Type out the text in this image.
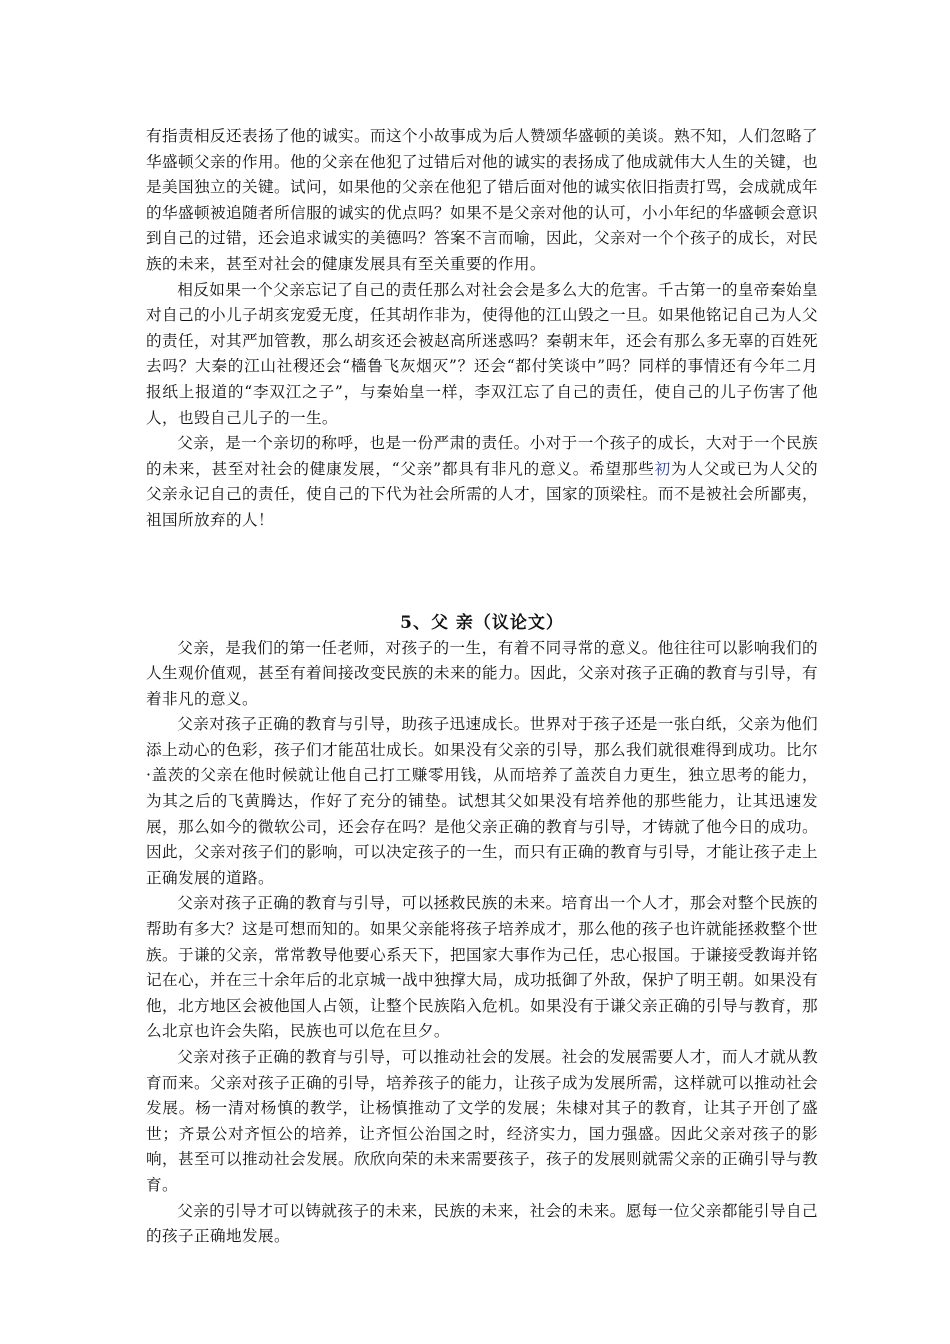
有指责相反还表扬了他的诚实。而这个小故事成为后人赞颂华盛顿的美谈。熟不知，人们忽略了华盛顿父亲的作用。他的父亲在他犯了过错后对他的诚实的表扬成了他成就伟大人生的关键，也是美国独立的关键。试问，如果他的父亲在他犯了错后面对他的诚实依旧指责打骂，会成就成年的华盛顿被追随者所信服的诚实的优点吗？如果不是父亲对他的认可，小小年纪的华盛顿会意识到自己的过错，还会追求诚实的美德吗？答案不言而喻，因此，父亲对一个个孩子的成长，对民族的未来，甚至对社会的健康发展具有至关重要的作用。

相反如果一个父亲忘记了自己的责任那么对社会会是多么大的危害。千古第一的皇帝秦始皇对自己的小儿子胡亥宠爱无度，任其胡作非为，使得他的江山毁之一旦。如果他铭记自己为人父的责任，对其严加管教，那么胡亥还会被赵高所迷惑吗？秦朝末年，还会有那么多无辜的百姓死去吗？大秦的江山社稷还会“檣鲁飞灰烟灭”？还会“都付笑谈中”吗？同样的事情还有今年二月报纸上报道的“李双江之子”，与秦始皇一样，李双江忘了自己的责任，使自己的儿子伤害了他人，也毁自己儿子的一生。

父亲，是一个亲切的称呼，也是一份严肃的责任。小对于一个孩子的成长，大对于一个民族的未来，甚至对社会的健康发展，“父亲”都具有非凡的意义。希望那些初为人父或已为人父的父亲永记自己的责任，使自己的下代为社会所需的人才，国家的顶梁柱。而不是被社会所鄙夷，祖国所放弃的人！

5、父 亲（议论文）

父亲，是我们的第一任老师，对孩子的一生，有着不同寻常的意义。他往往可以影响我们的人生观价值观，甚至有着间接改变民族的未来的能力。因此，父亲对孩子正确的教育与引导，有着非凡的意义。

父亲对孩子正确的教育与引导，助孩子迅速成长。世界对于孩子还是一张白纸，父亲为他们添上动心的色彩，孩子们才能茁壮成长。如果没有父亲的引导，那么我们就很难得到成功。比尔·盖茨的父亲在他时候就让他自己打工赚零用钱，从而培养了盖茨自力更生，独立思考的能力，为其之后的飞黄腾达，作好了充分的铺垫。试想其父如果没有培养他的那些能力，让其迅速发展，那么如今的微软公司，还会存在吗？是他父亲正确的教育与引导，才铸就了他今日的成功。因此，父亲对孩子们的影响，可以决定孩子的一生，而只有正确的教育与引导，才能让孩子走上正确发展的道路。

父亲对孩子正确的教育与引导，可以拯救民族的未来。培育出一个人才，那会对整个民族的帮助有多大？这是可想而知的。如果父亲能将孩子培养成才，那么他的孩子也许就能拯救整个世族。于谦的父亲，常常教导他要心系天下，把国家大事作为己任，忠心报国。于谦接受教诲并铭记在心，并在三十余年后的北京城一战中独撑大局，成功抵御了外敌，保护了明王朝。如果没有他，北方地区会被他国人占领，让整个民族陷入危机。如果没有于谦父亲正确的引导与教育，那么北京也许会失陷，民族也可以危在旦夕。

父亲对孩子正确的教育与引导，可以推动社会的发展。社会的发展需要人才，而人才就从教育而来。父亲对孩子正确的引导，培养孩子的能力，让孩子成为发展所需，这样就可以推动社会发展。杨一清对杨慎的教学，让杨慎推动了文学的发展；朱棣对其子的教育，让其子开创了盛世；齐景公对齐恒公的培养，让齐恒公治国之时，经济实力，国力强盛。因此父亲对孩子的影响，甚至可以推动社会发展。欣欣向荣的未来需要孩子，孩子的发展则就需父亲的正确引导与教育。

父亲的引导才可以铸就孩子的未来，民族的未来，社会的未来。愿每一位父亲都能引导自己的孩子正确地发展。
